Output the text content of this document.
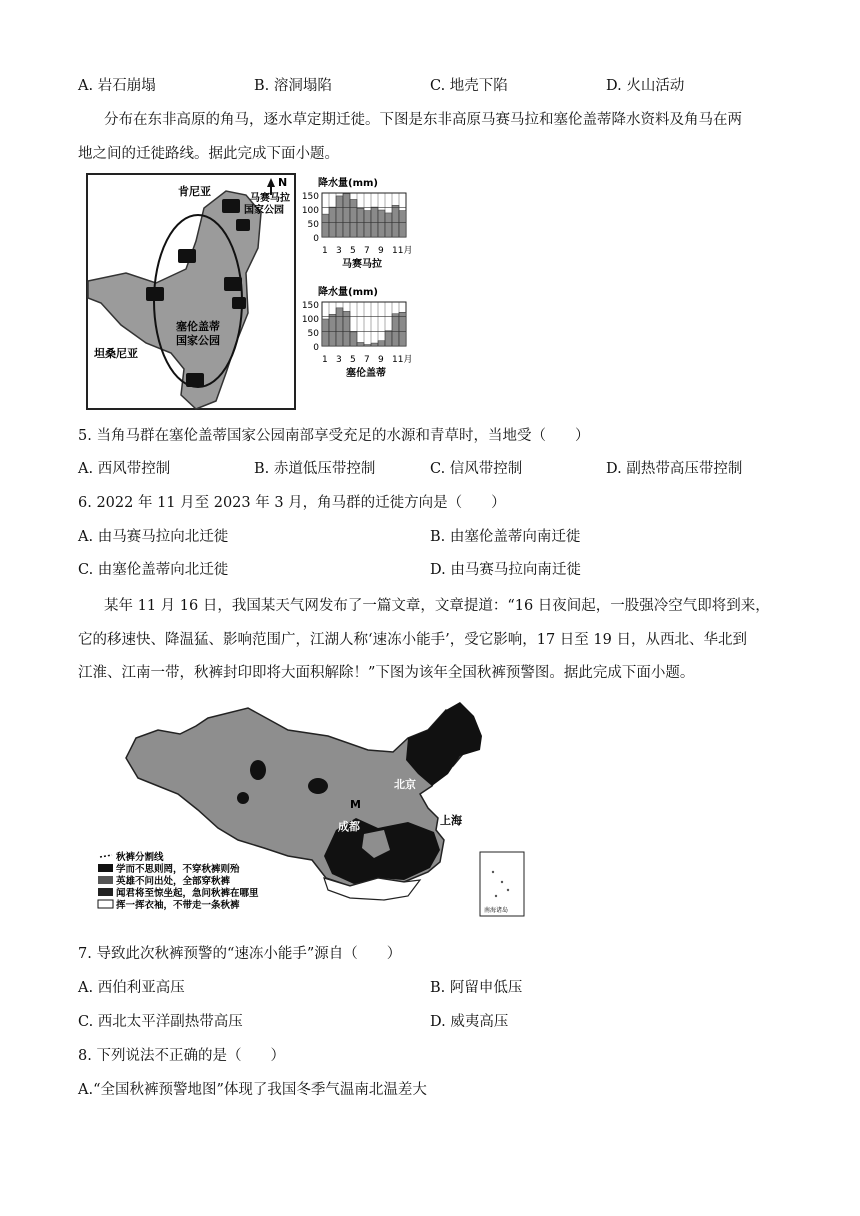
A. 岩石崩塌	B. 溶洞塌陷	C. 地壳下陷	D. 火山活动
分布在东非高原的角马，逐水草定期迁徙。下图是东非高原马赛马拉和塞伦盖蒂降水资料及角马在两
地之间的迁徙路线。据此完成下面小题。
N
肯尼亚
马赛马拉
国家公园
塞伦盖蒂
国家公园
坦桑尼亚
降水量(mm)
150
100
50
0
1 3 5 7 9 11月
马赛马拉
降水量(mm)
150
100
50
0
1 3 5 7 9 11月
塞伦盖蒂
5. 当角马群在塞伦盖蒂国家公园南部享受充足的水源和青草时，当地受（　　）
A. 西风带控制	B. 赤道低压带控制	C. 信风带控制	D. 副热带高压带控制
6. 2022 年 11 月至 2023 年 3 月，角马群的迁徙方向是（　　）
A. 由马赛马拉向北迁徙	B. 由塞伦盖蒂向南迁徙
C. 由塞伦盖蒂向北迁徙	D. 由马赛马拉向南迁徙
某年 11 月 16 日，我国某天气网发布了一篇文章，文章提道：“16 日夜间起，一股强冷空气即将到来，
它的移速快、降温猛、影响范围广，江湖人称‘速冻小能手’，受它影响，17 日至 19 日，从西北、华北到
江淮、江南一带，秋裤封印即将大面积解除！”下图为该年全国秋裤预警图。据此完成下面小题。
北京
M
成都	上海
南海诸岛
秋裤分割线
学而不思则罔，不穿秋裤则殆
英雄不问出处，全部穿秋裤
闻君将至惊坐起，急问秋裤在哪里
挥一挥衣袖，不带走一条秋裤
7. 导致此次秋裤预警的“速冻小能手”源自（　　）
A. 西伯利亚高压	B. 阿留申低压
C. 西北太平洋副热带高压	D. 威夷高压
8. 下列说法不正确的是（　　）
A.“全国秋裤预警地图”体现了我国冬季气温南北温差大
